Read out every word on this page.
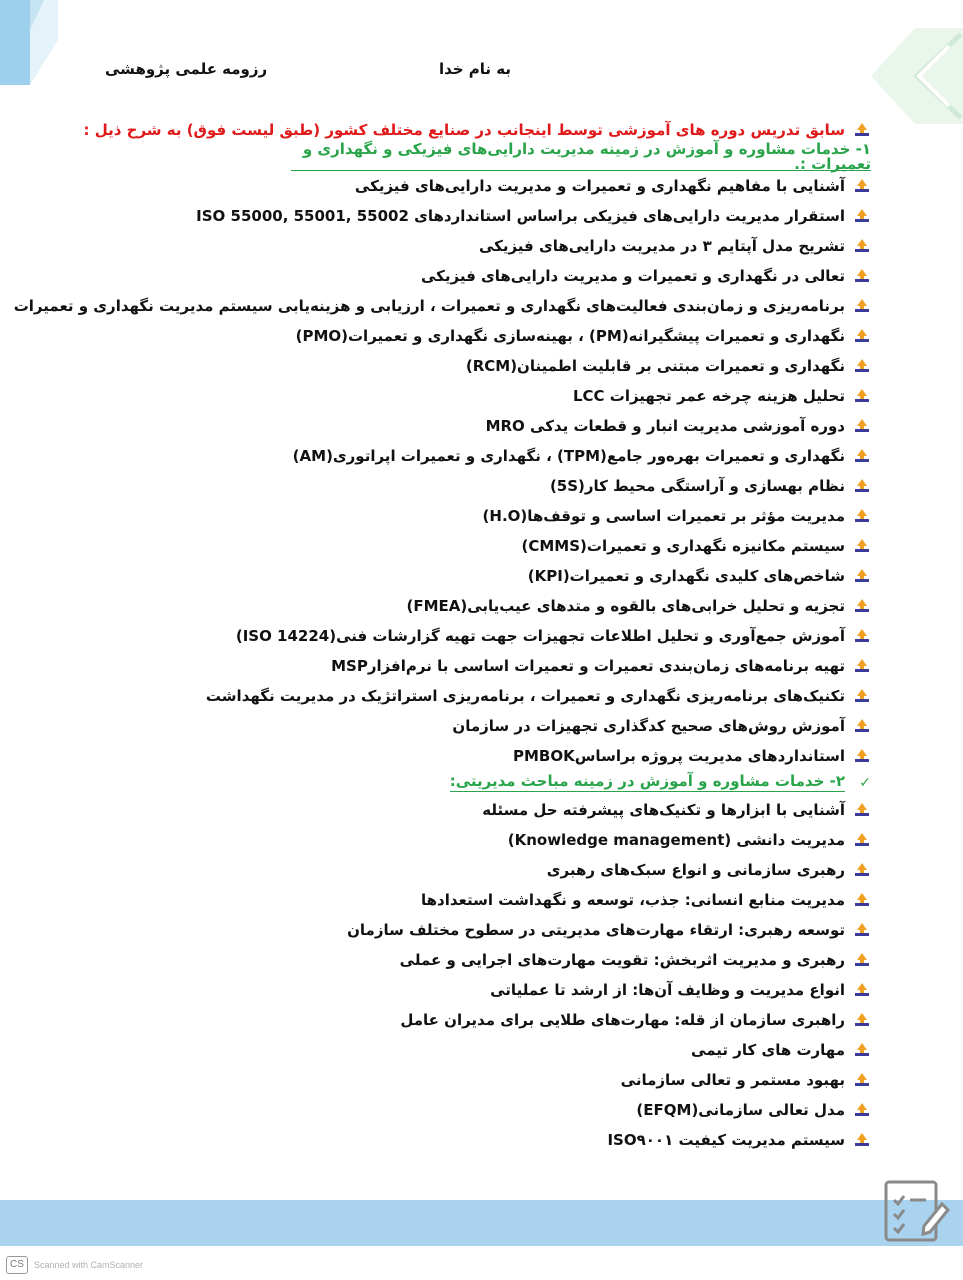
به نام خدا
رزومه علمی پژوهشی
سابق تدریس دوره های آموزشی توسط اینجانب در صنایع مختلف کشور (طبق لیست فوق) به شرح ذیل :
۱- خدمات مشاوره و آموزش در زمینه مدیریت دارایی‌های فیزیکی و نگهداری و تعمیرات :.
آشنایی با مفاهیم نگهداری و تعمیرات و مدیریت دارایی‌های فیزیکی
استقرار مدیریت دارایی‌های فیزیکی براساس استانداردهای ISO 55000, 55001, 55002
تشریح مدل آپتایم ۳ در مدیریت دارایی‌های فیزیکی
تعالی در نگهداری و تعمیرات و مدیریت دارایی‌های فیزیکی
برنامه‌ریزی و زمان‌بندی فعالیت‌های نگهداری و تعمیرات ، ارزیابی و هزینه‌یابی سیستم مدیریت نگهداری و تعمیرات
نگهداری و تعمیرات پیشگیرانه(PM) ، بهینه‌سازی نگهداری و تعمیرات(PMO)
نگهداری و تعمیرات مبتنی بر قابلیت اطمینان(RCM)
تحلیل هزینه چرخه عمر تجهیزات LCC
دوره آموزشی مدیریت انبار و قطعات یدکی MRO
نگهداری و تعمیرات بهره‌ور جامع(TPM) ، نگهداری و تعمیرات اپراتوری(AM)
نظام بهسازی و آراستگی محیط کار(5S)
مدیریت مؤثر بر تعمیرات اساسی و توقف‌ها(H.O)
سیستم مکانیزه نگهداری و تعمیرات(CMMS)
شاخص‌های کلیدی نگهداری و تعمیرات(KPI)
تجزیه و تحلیل خرابی‌های بالقوه و متدهای عیب‌یابی(FMEA)
آموزش جمع‌آوری و تحلیل اطلاعات تجهیزات جهت تهیه گزارشات فنی(ISO 14224)
تهیه برنامه‌های زمان‌بندی تعمیرات و تعمیرات اساسی با نرم‌افزارMSP
تکنیک‌های برنامه‌ریزی نگهداری و تعمیرات ، برنامه‌ریزی استراتژیک در مدیریت نگهداشت
آموزش روش‌های صحیح کدگذاری تجهیزات در سازمان
استانداردهای مدیریت پروژه براساسPMBOK
✓
۲- خدمات مشاوره و آموزش در زمینه مباحث مدیریتی:
آشنایی با ابزارها و تکنیک‌های پیشرفته حل مسئله
مدیریت دانشی (Knowledge management)
رهبری سازمانی و انواع سبک‌های رهبری
مدیریت منابع انسانی: جذب، توسعه و نگهداشت استعدادها
توسعه رهبری: ارتقاء مهارت‌های مدیریتی در سطوح مختلف سازمان
رهبری و مدیریت اثربخش: تقویت مهارت‌های اجرایی و عملی
انواع مدیریت و وظایف آن‌ها: از ارشد تا عملیاتی
راهبری سازمان از قله: مهارت‌های طلایی برای مدیران عامل
مهارت های کار تیمی
بهبود مستمر و تعالی سازمانی
مدل تعالی سازمانی(EFQM)
سیستم مدیریت کیفیت ISO۹۰۰۱
CS	Scanned with CamScanner
